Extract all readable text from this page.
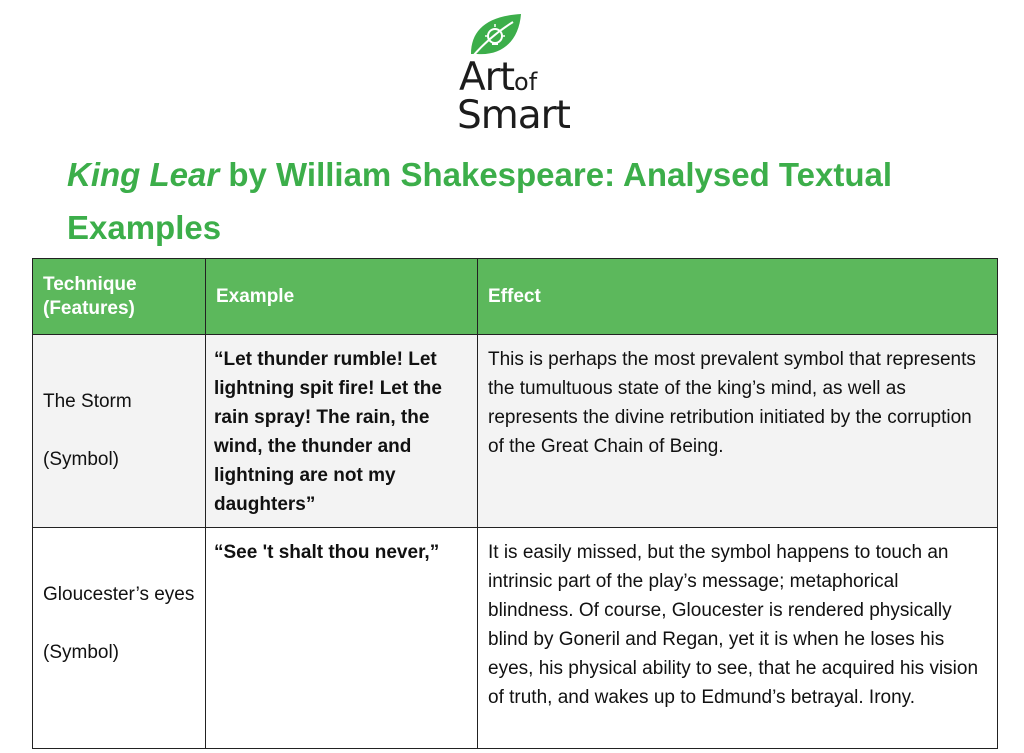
Artof
Smart
King Lear by William Shakespeare: Analysed Textual Examples
Technique
(Features)	Example	Effect

The Storm
(Symbol)	“Let thunder rumble! Let lightning spit fire! Let the rain spray! The rain, the wind, the thunder and lightning are not my daughters”	This is perhaps the most prevalent symbol that represents the tumultuous state of the king’s mind, as well as represents the divine retribution initiated by the corruption of the Great Chain of Being.

Gloucester’s eyes
(Symbol)	“See 't shalt thou never,”	It is easily missed, but the symbol happens to touch an intrinsic part of the play’s message; metaphorical blindness. Of course, Gloucester is rendered physically blind by Goneril and Regan, yet it is when he loses his eyes, his physical ability to see, that he acquired his vision of truth, and wakes up to Edmund’s betrayal. Irony.
